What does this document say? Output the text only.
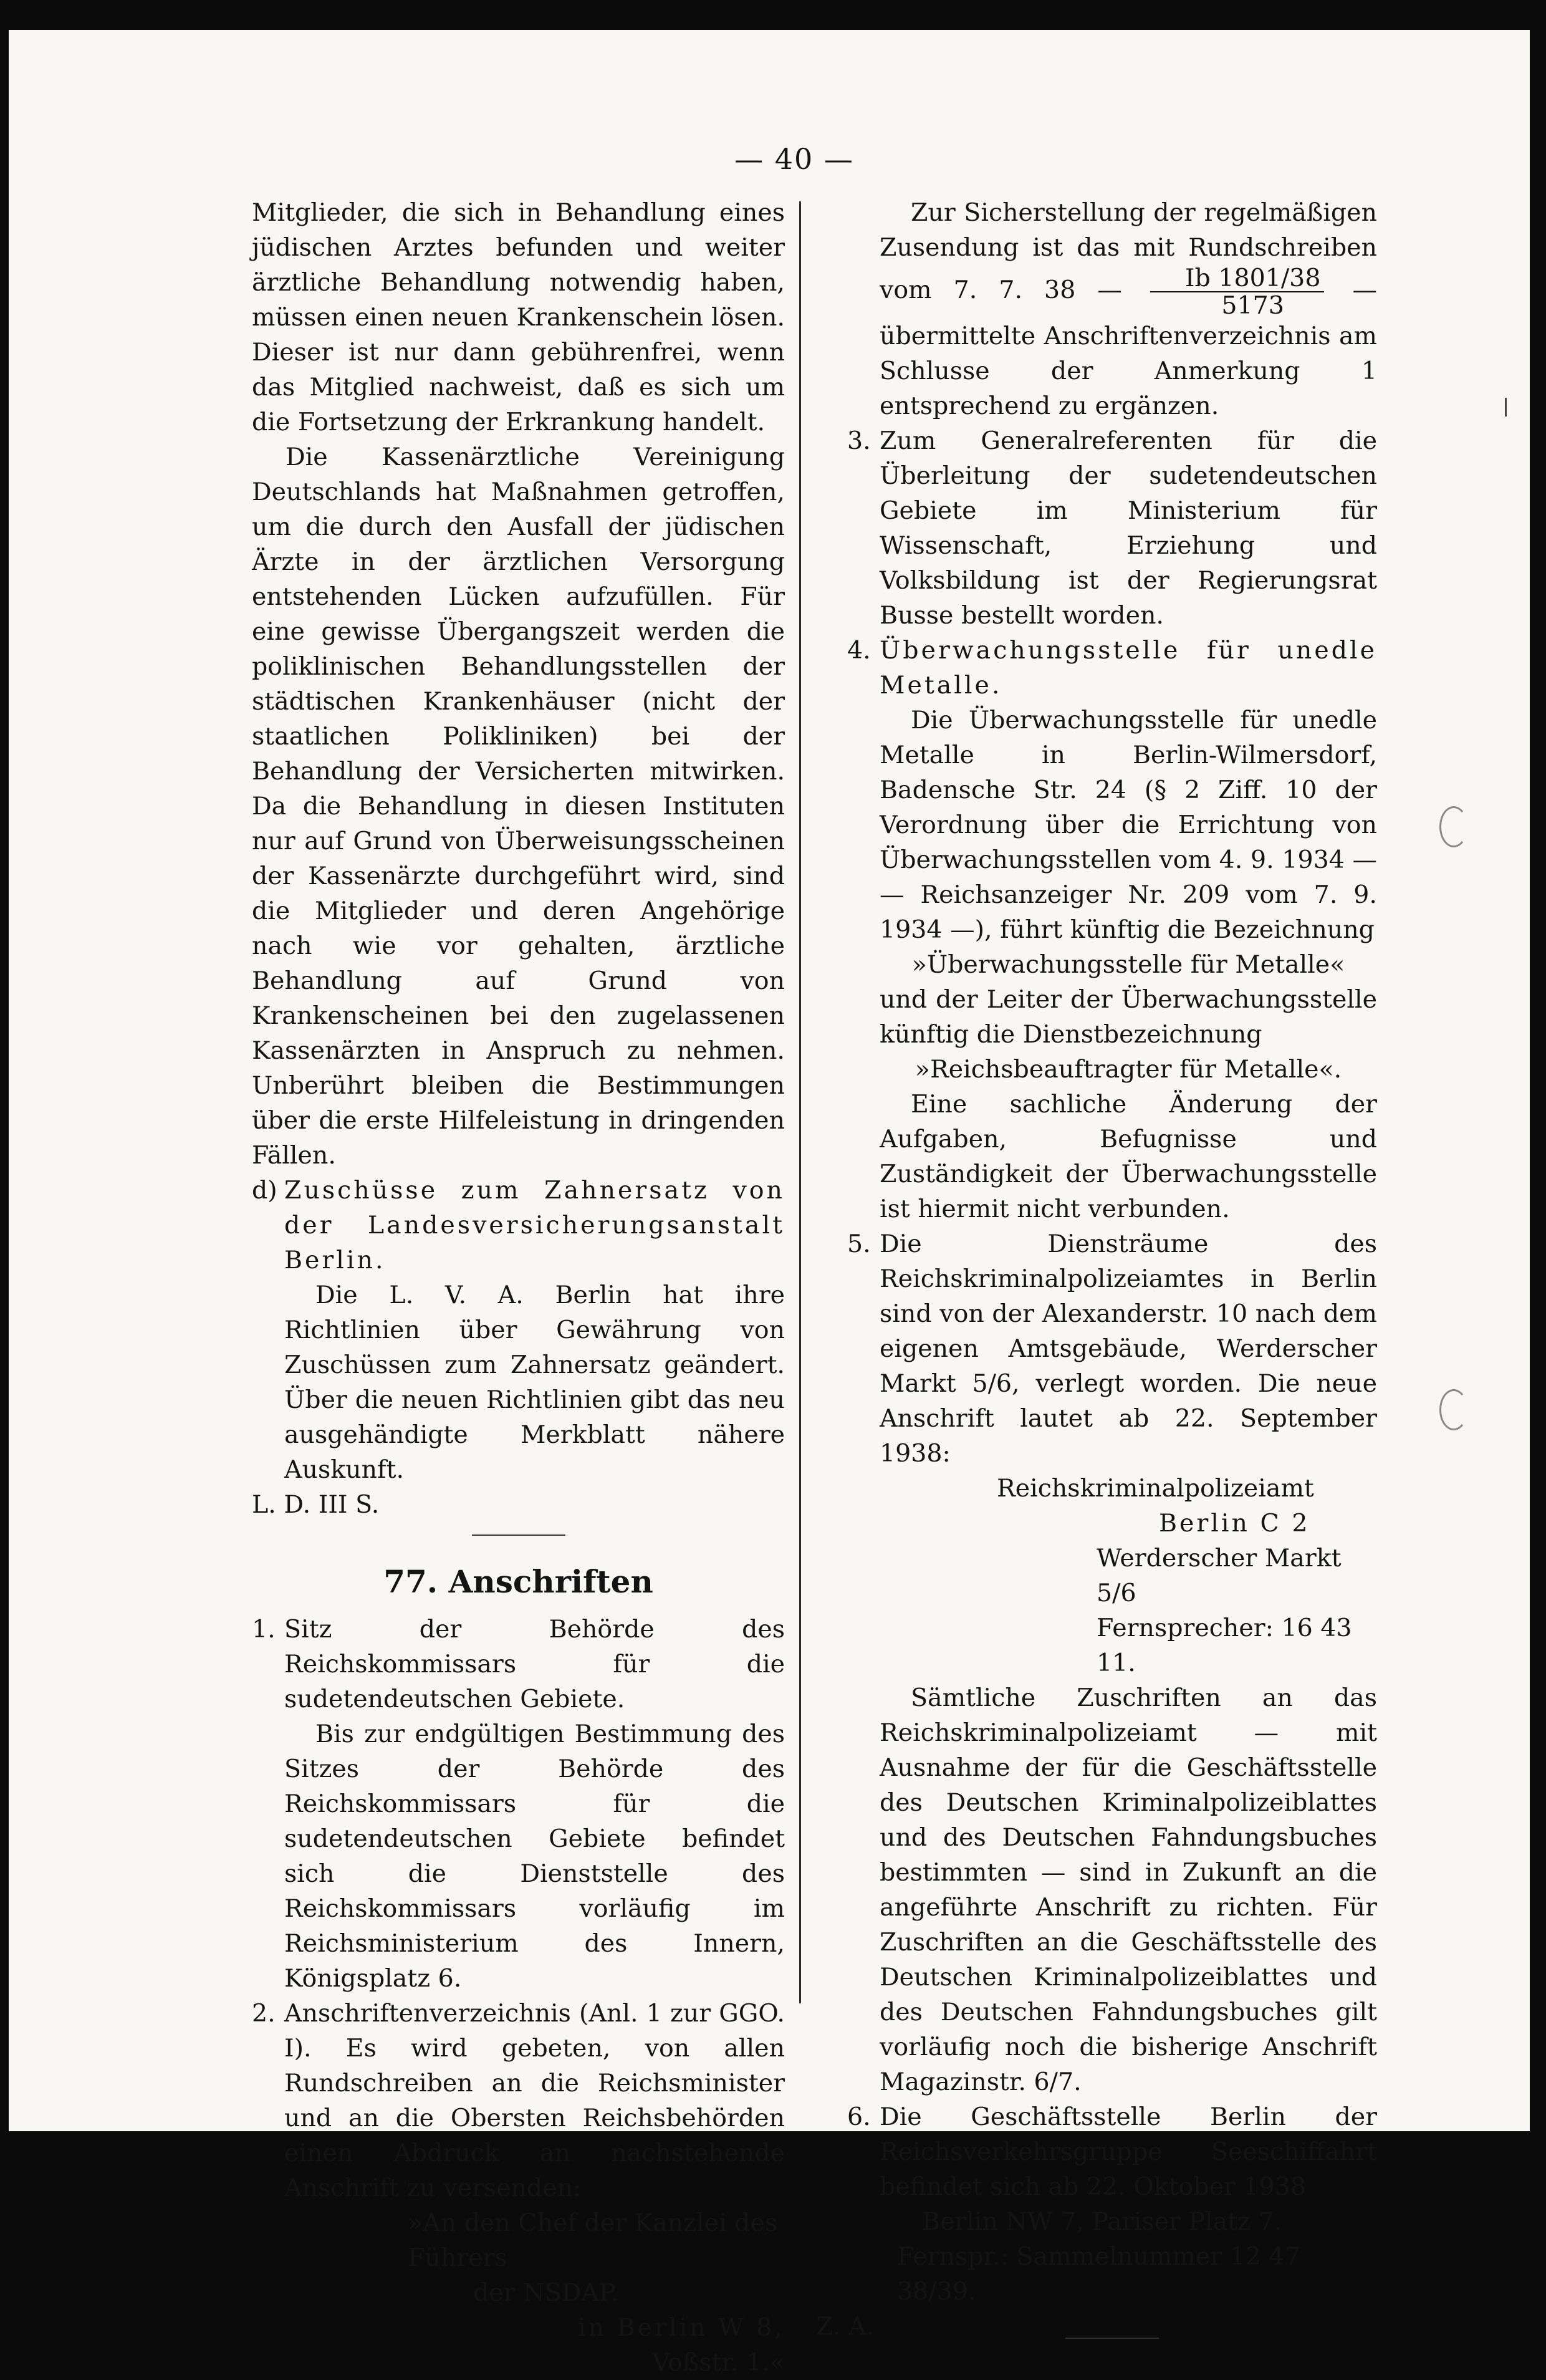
— 40 —

Mitglieder, die sich in Behandlung eines jüdischen Arztes befunden und weiter ärztliche Behandlung notwendig haben, müssen einen neuen Krankenschein lösen. Dieser ist nur dann gebührenfrei, wenn das Mitglied nachweist, daß es sich um die Fortsetzung der Erkrankung handelt.

Die Kassenärztliche Vereinigung Deutschlands hat Maßnahmen getroffen, um die durch den Ausfall der jüdischen Ärzte in der ärztlichen Versorgung entstehenden Lücken aufzufüllen. Für eine gewisse Übergangszeit werden die poliklinischen Behandlungsstellen der städtischen Krankenhäuser (nicht der staatlichen Polikliniken) bei der Behandlung der Versicherten mitwirken. Da die Behandlung in diesen Instituten nur auf Grund von Überweisungsscheinen der Kassenärzte durchgeführt wird, sind die Mitglieder und deren Angehörige nach wie vor gehalten, ärztliche Behandlung auf Grund von Krankenscheinen bei den zugelassenen Kassenärzten in Anspruch zu nehmen. Unberührt bleiben die Bestimmungen über die erste Hilfeleistung in dringenden Fällen.

d) Zuschüsse zum Zahnersatz von der Landesversicherungsanstalt Berlin.

Die L. V. A. Berlin hat ihre Richtlinien über Gewährung von Zuschüssen zum Zahnersatz geändert. Über die neuen Richtlinien gibt das neu ausgehändigte Merkblatt nähere Auskunft.

L. D. III S.

77. Anschriften
1. Sitz der Behörde des Reichskommissars für die sudetendeutschen Gebiete.

Bis zur endgültigen Bestimmung des Sitzes der Behörde des Reichskommissars für die sudetendeutschen Gebiete befindet sich die Dienststelle des Reichskommissars vorläufig im Reichsministerium des Innern, Königsplatz 6.

2. Anschriftenverzeichnis (Anl. 1 zur GGO. I). Es wird gebeten, von allen Rundschreiben an die Reichsminister und an die Obersten Reichsbehörden einen Abdruck an nachstehende Anschrift zu versenden:

»An den Chef der Kanzlei des Führers

der NSDAP.

in Berlin W 8,

Voßstr. 1.«

Zur Sicherstellung der regelmäßigen Zusendung ist das mit Rundschreiben vom 7. 7. 38 — $\frac{Ib 1801/38}{5173}$ — übermittelte Anschriftenverzeichnis am Schlusse der Anmerkung 1 entsprechend zu ergänzen.
3. Zum Generalreferenten für die Überleitung der sudetendeutschen Gebiete im Ministerium für Wissenschaft, Erziehung und Volksbildung ist der Regierungsrat Busse bestellt worden.
4. Überwachungsstelle für unedle Metalle.

Die Überwachungsstelle für unedle Metalle in Berlin-Wilmersdorf, Badensche Str. 24 (§ 2 Ziff. 10 der Verordnung über die Errichtung von Überwachungsstellen vom 4. 9. 1934 — — Reichsanzeiger Nr. 209 vom 7. 9. 1934 —), führt künftig die Bezeichnung

»Überwachungsstelle für Metalle«

und der Leiter der Überwachungsstelle künftig die Dienstbezeichnung

»Reichsbeauftragter für Metalle«.

Eine sachliche Änderung der Aufgaben, Befugnisse und Zuständigkeit der Überwachungsstelle ist hiermit nicht verbunden.

5. Die Diensträume des Reichskriminalpolizeiamtes in Berlin sind von der Alexanderstr. 10 nach dem eigenen Amtsgebäude, Werderscher Markt 5/6, verlegt worden. Die neue Anschrift lautet ab 22. September 1938:

Reichskriminalpolizeiamt

Berlin C 2

Werderscher Markt 5/6

Fernsprecher: 16 43 11.

Sämtliche Zuschriften an das Reichskriminalpolizeiamt — mit Ausnahme der für die Geschäftsstelle des Deutschen Kriminalpolizeiblattes und des Deutschen Fahndungsbuches bestimmten — sind in Zukunft an die angeführte Anschrift zu richten. Für Zuschriften an die Geschäftsstelle des Deutschen Kriminalpolizeiblattes und des Deutschen Fahndungsbuches gilt vorläufig noch die bisherige Anschrift Magazinstr. 6/7.

6. Die Geschäftsstelle Berlin der Reichsverkehrsgruppe Seeschiffahrt befindet sich ab 22. Oktober 1938

Berlin NW 7, Pariser Platz 7.

Fernspr.: Sammelnummer 12 47 38/39.

Z. A.
